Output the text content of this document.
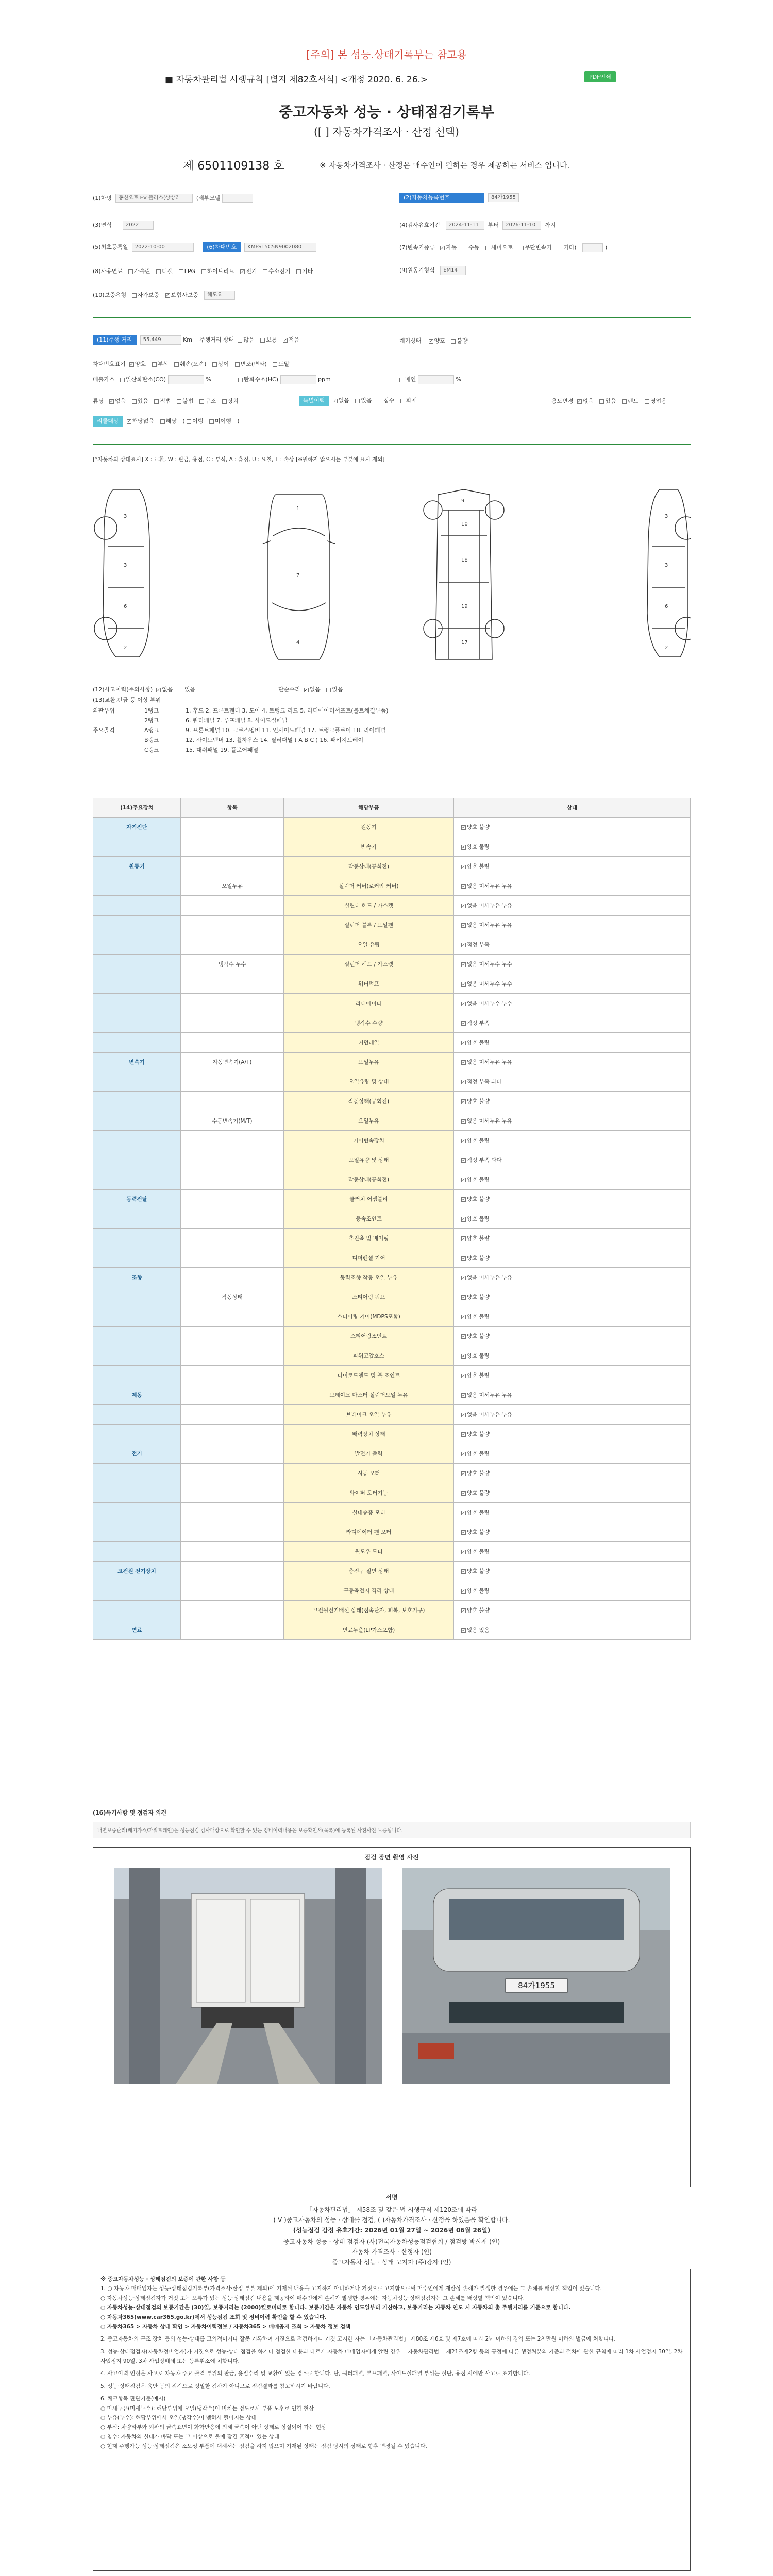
[주의] 본 성능.상태기록부는 참고용
■ 자동차관리법 시행규칙 [별지 제82호서식] <개정 2020. 6. 26.>	PDF인쇄
중고자동차 성능 · 상태점검기록부
([ ] 자동차가격조사 · 산정 선택)
제 6501109138 호	※ 자동차가격조사 · 산정은 매수인이 원하는 경우 제공하는 서비스 입니다.
(1)차명 동신오토 EV 플러스(상상라	(세부모델	(2)자동차등록번호	84가1955
(3)연식	2022	(4)검사유효기간 2024-11-11 부터 2026-11-10 까지
(5)최초등록일 2022-10-00	(6)차대번호 KMFST5C5N9002080	(7)변속기종류 ✓ 자동 수동 세미오토 무단변속기 기타(	)
(8)사용연료 가솔린 디젤 LPG 하이브리드 ✓ 전기 수소전기 기타	(9)원동기형식 EM14
(10)보증유형 자가보증 ✓ 보험사보증 해도요
(11)주행 거리 55,449	Km 주행거리 상태 많음 보통 ✓ 적음	계기상태 ✓ 양호 불량
차대번호표기 ✓ 양호 부식 훼손(오손) 상이 변조(변타) 도말
배출가스 일산화탄소(CO)	%	탄화수소(HC)	ppm	매연	%
튜닝 ✓ 없음 있음 적법 불법 구조 장치	특별이력 ✓ 없음 있음 침수 화재	용도변경 ✓ 없음 있음 렌트 영업용
리콜대상 ✓ 해당없음 해당 ( 이행 미이행 )
[*자동차의 상태표시] X : 교환, W : 판금, 용접, C : 부식, A : 흠집, U : 요철, T : 손상 [※원하지 않으시는 부분에 표시 제외]
3
3
6
2
1
7
4
9
10
18
19
17
3
3
6
2
(12)사고이력(주의사항) ✓ 없음 있음	단순수리 ✓ 없음 있음
(13)교환,판금 등 이상 부위
외판부위	1랭크	1. 후드 2. 프론트휀더 3. 도어 4. 트렁크 리드 5. 라디에이터서포트(볼트체결부품)
2랭크	6. 쿼터패널 7. 루프패널 8. 사이드실패널
주요골격	A랭크	9. 프론트패널 10. 크로스멤버 11. 인사이드패널 17. 트렁크플로어 18. 리어패널
B랭크	12. 사이드멤버 13. 휠하우스 14. 필러패널 ( A B C ) 16. 패키지트레이
C랭크	15. 대쉬패널 19. 플로어패널
(14)주요장치	항목	해당부품	상태
자기진단		원동기	✓양호 불량
		변속기	✓양호 불량
원동기		작동상태(공회전)	✓양호 불량
	오일누유	실린더 커버(로커암 커버)	✓없음 미세누유 누유
		실린더 헤드 / 가스켓	✓없음 미세누유 누유
		실린더 블록 / 오일팬	✓없음 미세누유 누유
		오일 유량	✓적정 부족
	냉각수 누수	실린더 헤드 / 가스켓	✓없음 미세누수 누수
		워터펌프	✓없음 미세누수 누수
		라디에이터	✓없음 미세누수 누수
		냉각수 수량	✓적정 부족
		커먼레일	✓양호 불량
변속기	자동변속기(A/T)	오일누유	✓없음 미세누유 누유
		오일유량 및 상태	✓적정 부족 과다
		작동상태(공회전)	✓양호 불량
	수동변속기(M/T)	오일누유	✓없음 미세누유 누유
		기어변속장치	✓양호 불량
		오일유량 및 상태	✓적정 부족 과다
		작동상태(공회전)	✓양호 불량
동력전달		클러치 어셈블리	✓양호 불량
		등속조인트	✓양호 불량
		추진축 및 베어링	✓양호 불량
		디퍼렌셜 기어	✓양호 불량
조향		동력조향 작동 오일 누유	✓없음 미세누유 누유
	작동상태	스티어링 펌프	✓양호 불량
		스티어링 기어(MDPS포함)	✓양호 불량
		스티어링조인트	✓양호 불량
		파워고압호스	✓양호 불량
		타이로드엔드 및 볼 조인트	✓양호 불량
제동		브레이크 마스터 실린더오일 누유	✓없음 미세누유 누유
		브레이크 오일 누유	✓없음 미세누유 누유
		배력장치 상태	✓양호 불량
전기		발전기 출력	✓양호 불량
		시동 모터	✓양호 불량
		와이퍼 모터기능	✓양호 불량
		실내송풍 모터	✓양호 불량
		라디에이터 팬 모터	✓양호 불량
		윈도우 모터	✓양호 불량
고전원 전기장치		충전구 절연 상태	✓양호 불량
		구동축전지 격리 상태	✓양호 불량
		고전원전기배선 상태(접속단자, 피복, 보호기구)	✓양호 불량
연료		연료누출(LP가스포함)	✓없음 있음
(16)특기사항 및 점검자 의견
내연보증관리(배기가스/파워트레인)은 성능점검 감사대상으로 확인할 수 있는 정비이력내용은 보증확인서(목록)에 등록된 사진사진 보증됩니다.
점검 장면 촬영 사진
84가1955
서명
「자동차관리법」 제58조 및 같은 법 시행규칙 제120조에 따라
( V )중고자동차의 성능 · 상태를 점검, ( )자동차가격조사 · 산정을 하였음을 확인합니다.
(성능점검 감정 유효기간: 2026년 01월 27일 ~ 2026년 06월 26일)
중고자동차 성능 · 상태 점검자 (사)전국자동차성능점검협회 / 점검방 박희재 (인)
자동차 가격조사 · 산정자 (인)
중고자동차 성능 · 상태 고지자 (주)강자 (인)
※ 중고자동차성능 · 상태점검의 보증에 관한 사항 등
1. ○ 자동차 매매업자는 성능·상태점검기록부(가격조사·산정 부분 제외)에 기재된 내용을 고지하지 아니하거나 거짓으로 고지함으로써 매수인에게 재산상 손해가 발생한 경우에는 그 손해를 배상할 책임이 있습니다.
○ 자동차성능·상태점검자가 거짓 또는 오류가 있는 성능·상태점검 내용을 제공하여 매수인에게 손해가 발생한 경우에는 자동차성능·상태점검자는 그 손해를 배상할 책임이 있습니다.
○ 자동차성능·상태점검의 보증기간은 (30)일, 보증거리는 (2000)킬로미터로 합니다. 보증기간은 자동차 인도일부터 기산하고, 보증거리는 자동차 인도 시 자동차의 총 주행거리를 기준으로 합니다.
○ 자동차365(www.car365.go.kr)에서 성능점검 조회 및 정비이력 확인을 할 수 있습니다.
○ 자동차365 > 자동차 상태 확인 > 자동차이력정보 / 자동차365 > 매매공지 조회 > 자동차 정보 검색
2. 중고자동차의 구조 장치 등의 성능·상태를 고의적이거나 잘못 기록하여 거짓으로 점검하거나 거짓 고지한 자는 「자동차관리법」 제80조 제6호 및 제7호에 따라 2년 이하의 징역 또는 2천만원 이하의 벌금에 처합니다.
3. 성능·상태점검자(자동차정비업자)가 거짓으로 성능·상태 점검을 하거나 점검한 내용과 다르게 자동차 매매업자에게 알린 경우 「자동차관리법」 제21조제2항 등의 규정에 따른 행정처분의 기준과 절차에 관한 규칙에 따라 1차 사업정지 30일, 2차 사업정지 90일, 3차 사업장폐쇄 또는 등록취소에 처합니다.
4. 사고이력 인정은 사고로 자동차 주요 골격 부위의 판금, 용접수리 및 교환이 있는 경우로 합니다. 단, 쿼터패널, 루프패널, 사이드실패널 부위는 절단, 용접 시에만 사고로 표기합니다.
5. 성능·상태점검은 육안 등의 점검으로 정밀한 검사가 아니므로 점검결과를 참고하시기 바랍니다.
6. 체크항목 판단기준(예시)
○ 미세누유(미세누수): 해당부위에 오일(냉각수)이 비치는 정도로서 부품 노후로 인한 현상
○ 누유(누수): 해당부위에서 오일(냉각수)이 맺혀서 떨어지는 상태
○ 부식: 차량하부와 외판의 금속표면이 화학반응에 의해 금속이 아닌 상태로 상실되어 가는 현상
○ 침수: 자동차의 실내가 바닥 또는 그 이상으로 물에 잠긴 흔적이 있는 상태
○ 현재 주행가능 성능·상태점검은 소모성 부품에 대해서는 점검을 하지 않으며 기재된 상태는 점검 당시의 상태로 향후 변경될 수 있습니다.
